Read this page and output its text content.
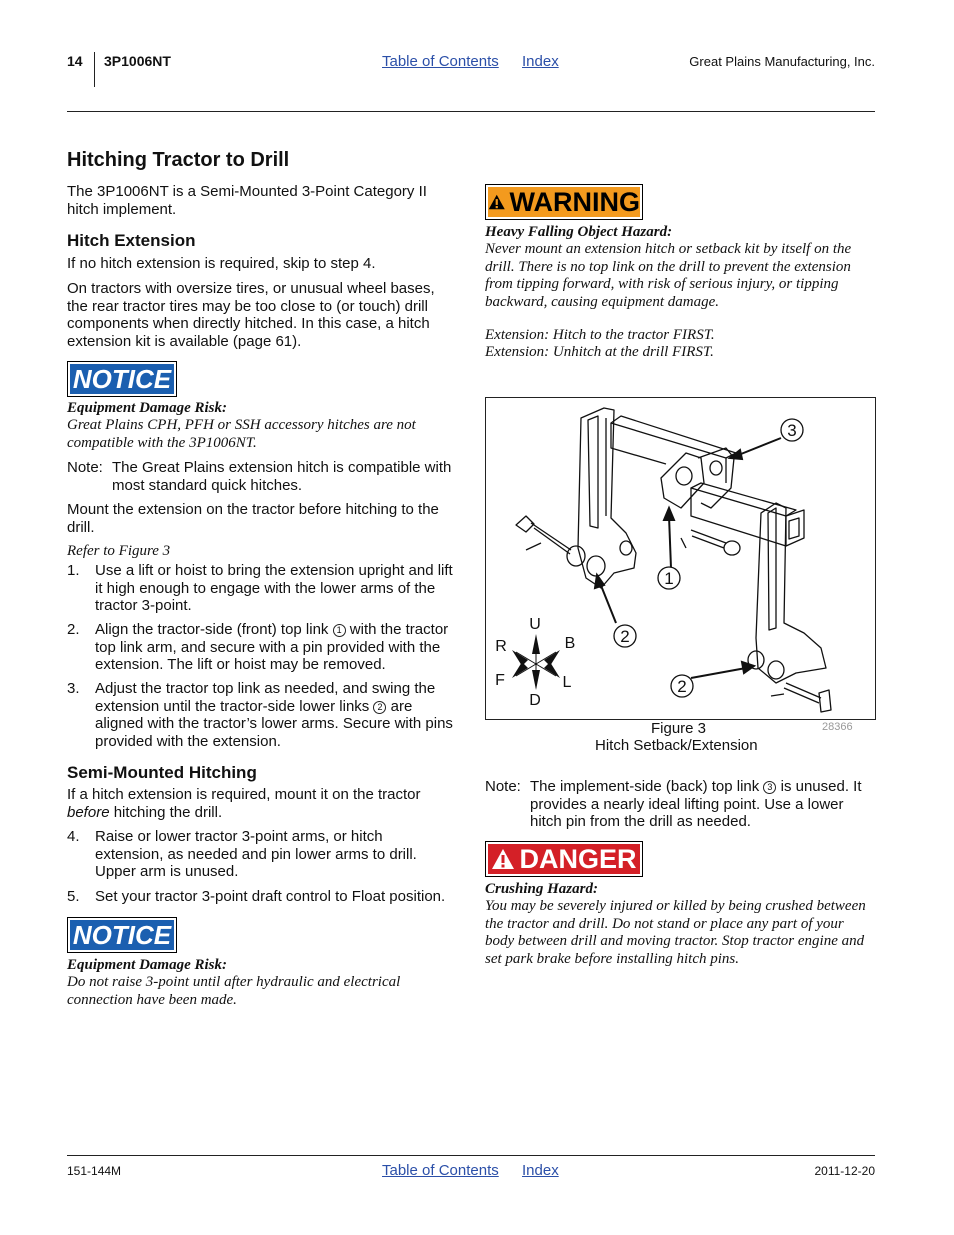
14 3P1006NT	Table of Contents Index	Great Plains Manufacturing, Inc.
Hitching Tractor to Drill
The 3P1006NT is a Semi-Mounted 3-Point Category II hitch implement.
Hitch Extension
If no hitch extension is required, skip to step 4.
On tractors with oversize tires, or unusual wheel bases, the rear tractor tires may be too close to (or touch) drill components when directly hitched. In this case, a hitch extension kit is available (page 61).
NOTICE
Equipment Damage Risk:
Great Plains CPH, PFH or SSH accessory hitches are not compatible with the 3P1006NT.
Note: The Great Plains extension hitch is compatible with most standard quick hitches.
Mount the extension on the tractor before hitching to the drill.
Refer to Figure 3
1. Use a lift or hoist to bring the extension upright and lift it high enough to engage with the lower arms of the tractor 3-point.
2. Align the tractor-side (front) top link 1 with the tractor top link arm, and secure with a pin provided with the extension. The lift or hoist may be removed.
3. Adjust the tractor top link as needed, and swing the extension until the tractor-side lower links 2 are aligned with the tractor’s lower arms. Secure with pins provided with the extension.
Semi-Mounted Hitching
If a hitch extension is required, mount it on the tractor before hitching the drill.
4. Raise or lower tractor 3-point arms, or hitch extension, as needed and pin lower arms to drill. Upper arm is unused.
5. Set your tractor 3-point draft control to Float position.
NOTICE
Equipment Damage Risk:
Do not raise 3-point until after hydraulic and electrical connection have been made.
WARNING
Heavy Falling Object Hazard:
Never mount an extension hitch or setback kit by itself on the drill. There is no top link on the drill to prevent the extension from tipping forward, with risk of serious injury, or tipping backward, causing equipment damage.
Extension: Hitch to the tractor FIRST.
Extension: Unhitch at the drill FIRST.
3
1
2
2
U
D
R	B
F	L
Figure 3
Hitch Setback/Extension
28366
Note: The implement-side (back) top link 3 is unused. It provides a nearly ideal lifting point. Use a lower hitch pin from the drill as needed.
DANGER
Crushing Hazard:
You may be severely injured or killed by being crushed between the tractor and drill. Do not stand or place any part of your body between drill and moving tractor. Stop tractor engine and set park brake before installing hitch pins.
151-144M	Table of Contents Index	2011-12-20
